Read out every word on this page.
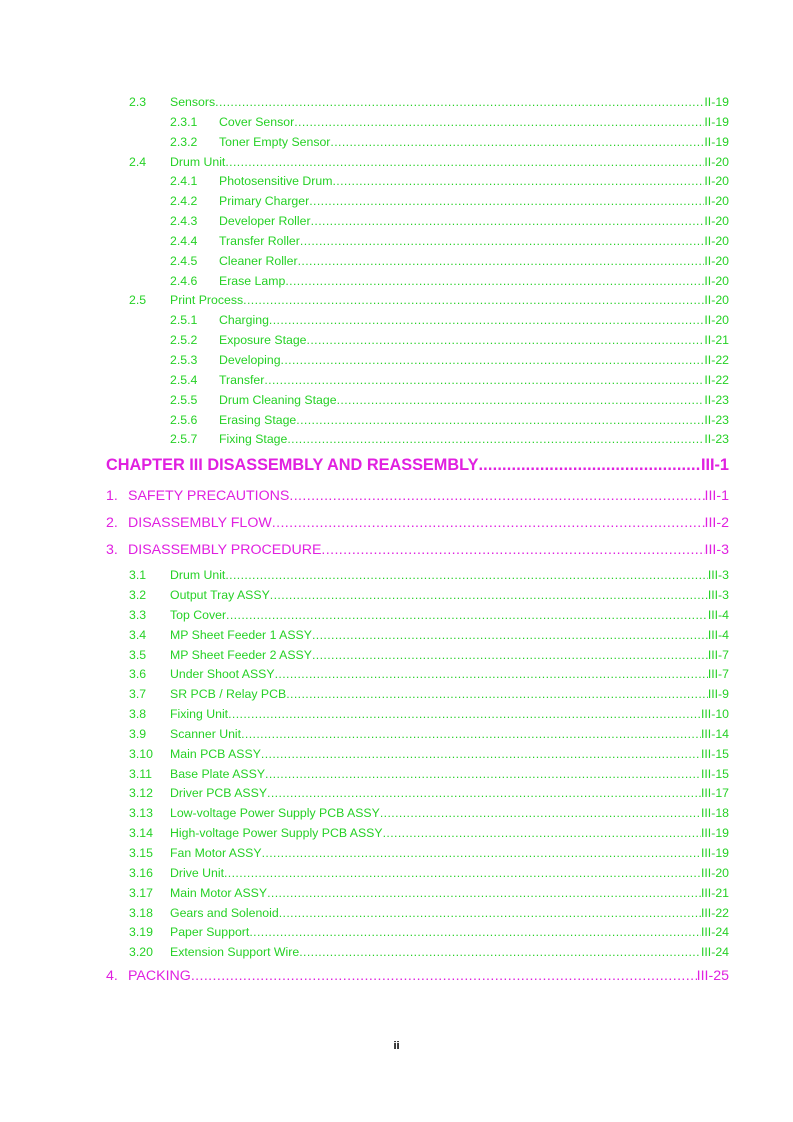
2.3 Sensors .....	II-19
2.3.1 Cover Sensor .....	II-19
2.3.2 Toner Empty Sensor .....	II-19
2.4 Drum Unit .....	II-20
2.4.1 Photosensitive Drum .....	II-20
2.4.2 Primary Charger .....	II-20
2.4.3 Developer Roller .....	II-20
2.4.4 Transfer Roller .....	II-20
2.4.5 Cleaner Roller .....	II-20
2.4.6 Erase Lamp .....	II-20
2.5 Print Process .....	II-20
2.5.1 Charging .....	II-20
2.5.2 Exposure Stage .....	II-21
2.5.3 Developing .....	II-22
2.5.4 Transfer .....	II-22
2.5.5 Drum Cleaning Stage .....	II-23
2.5.6 Erasing Stage .....	II-23
2.5.7 Fixing Stage .....	II-23
CHAPTER III DISASSEMBLY AND REASSEMBLY .....	III-1
1. SAFETY PRECAUTIONS .....	III-1
2. DISASSEMBLY FLOW .....	III-2
3. DISASSEMBLY PROCEDURE .....	III-3
3.1 Drum Unit .....	III-3
3.2 Output Tray ASSY .....	III-3
3.3 Top Cover .....	III-4
3.4 MP Sheet Feeder 1 ASSY .....	III-4
3.5 MP Sheet Feeder 2 ASSY .....	III-7
3.6 Under Shoot ASSY .....	III-7
3.7 SR PCB / Relay PCB .....	III-9
3.8 Fixing Unit .....	III-10
3.9 Scanner Unit .....	III-14
3.10 Main PCB ASSY .....	III-15
3.11 Base Plate ASSY .....	III-15
3.12 Driver PCB ASSY .....	III-17
3.13 Low-voltage Power Supply PCB ASSY .....	III-18
3.14 High-voltage Power Supply PCB ASSY .....	III-19
3.15 Fan Motor ASSY .....	III-19
3.16 Drive Unit .....	III-20
3.17 Main Motor ASSY .....	III-21
3.18 Gears and Solenoid .....	III-22
3.19 Paper Support .....	III-24
3.20 Extension Support Wire .....	III-24
4. PACKING .....	III-25
ii
